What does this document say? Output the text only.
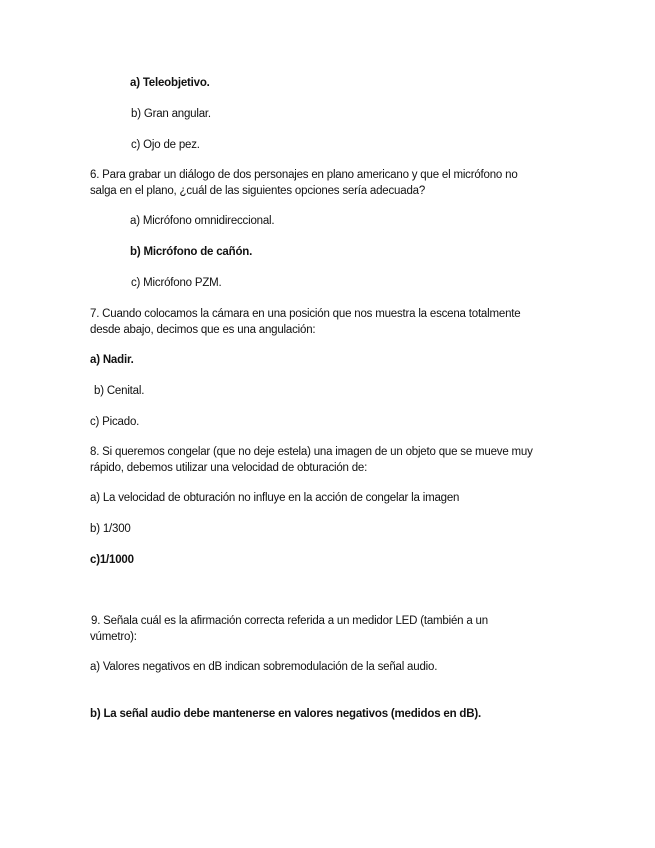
a) Teleobjetivo.
b) Gran angular.
c) Ojo de pez.
6. Para grabar un diálogo de dos personajes en plano americano y que el micrófono no
salga en el plano, ¿cuál de las siguientes opciones sería adecuada?
a) Micrófono omnidireccional.
b) Micrófono de cañón.
c) Micrófono PZM.
7. Cuando colocamos la cámara en una posición que nos muestra la escena totalmente
desde abajo, decimos que es una angulación:
a) Nadir.
b) Cenital.
c) Picado.
8. Si queremos congelar (que no deje estela) una imagen de un objeto que se mueve muy
rápido, debemos utilizar una velocidad de obturación de:
a) La velocidad de obturación no influye en la acción de congelar la imagen
b) 1/300
c)1/1000
9. Señala cuál es la afirmación correcta referida a un medidor LED (también a un
vúmetro):
a) Valores negativos en dB indican sobremodulación de la señal audio.
b) La señal audio debe mantenerse en valores negativos (medidos en dB).
